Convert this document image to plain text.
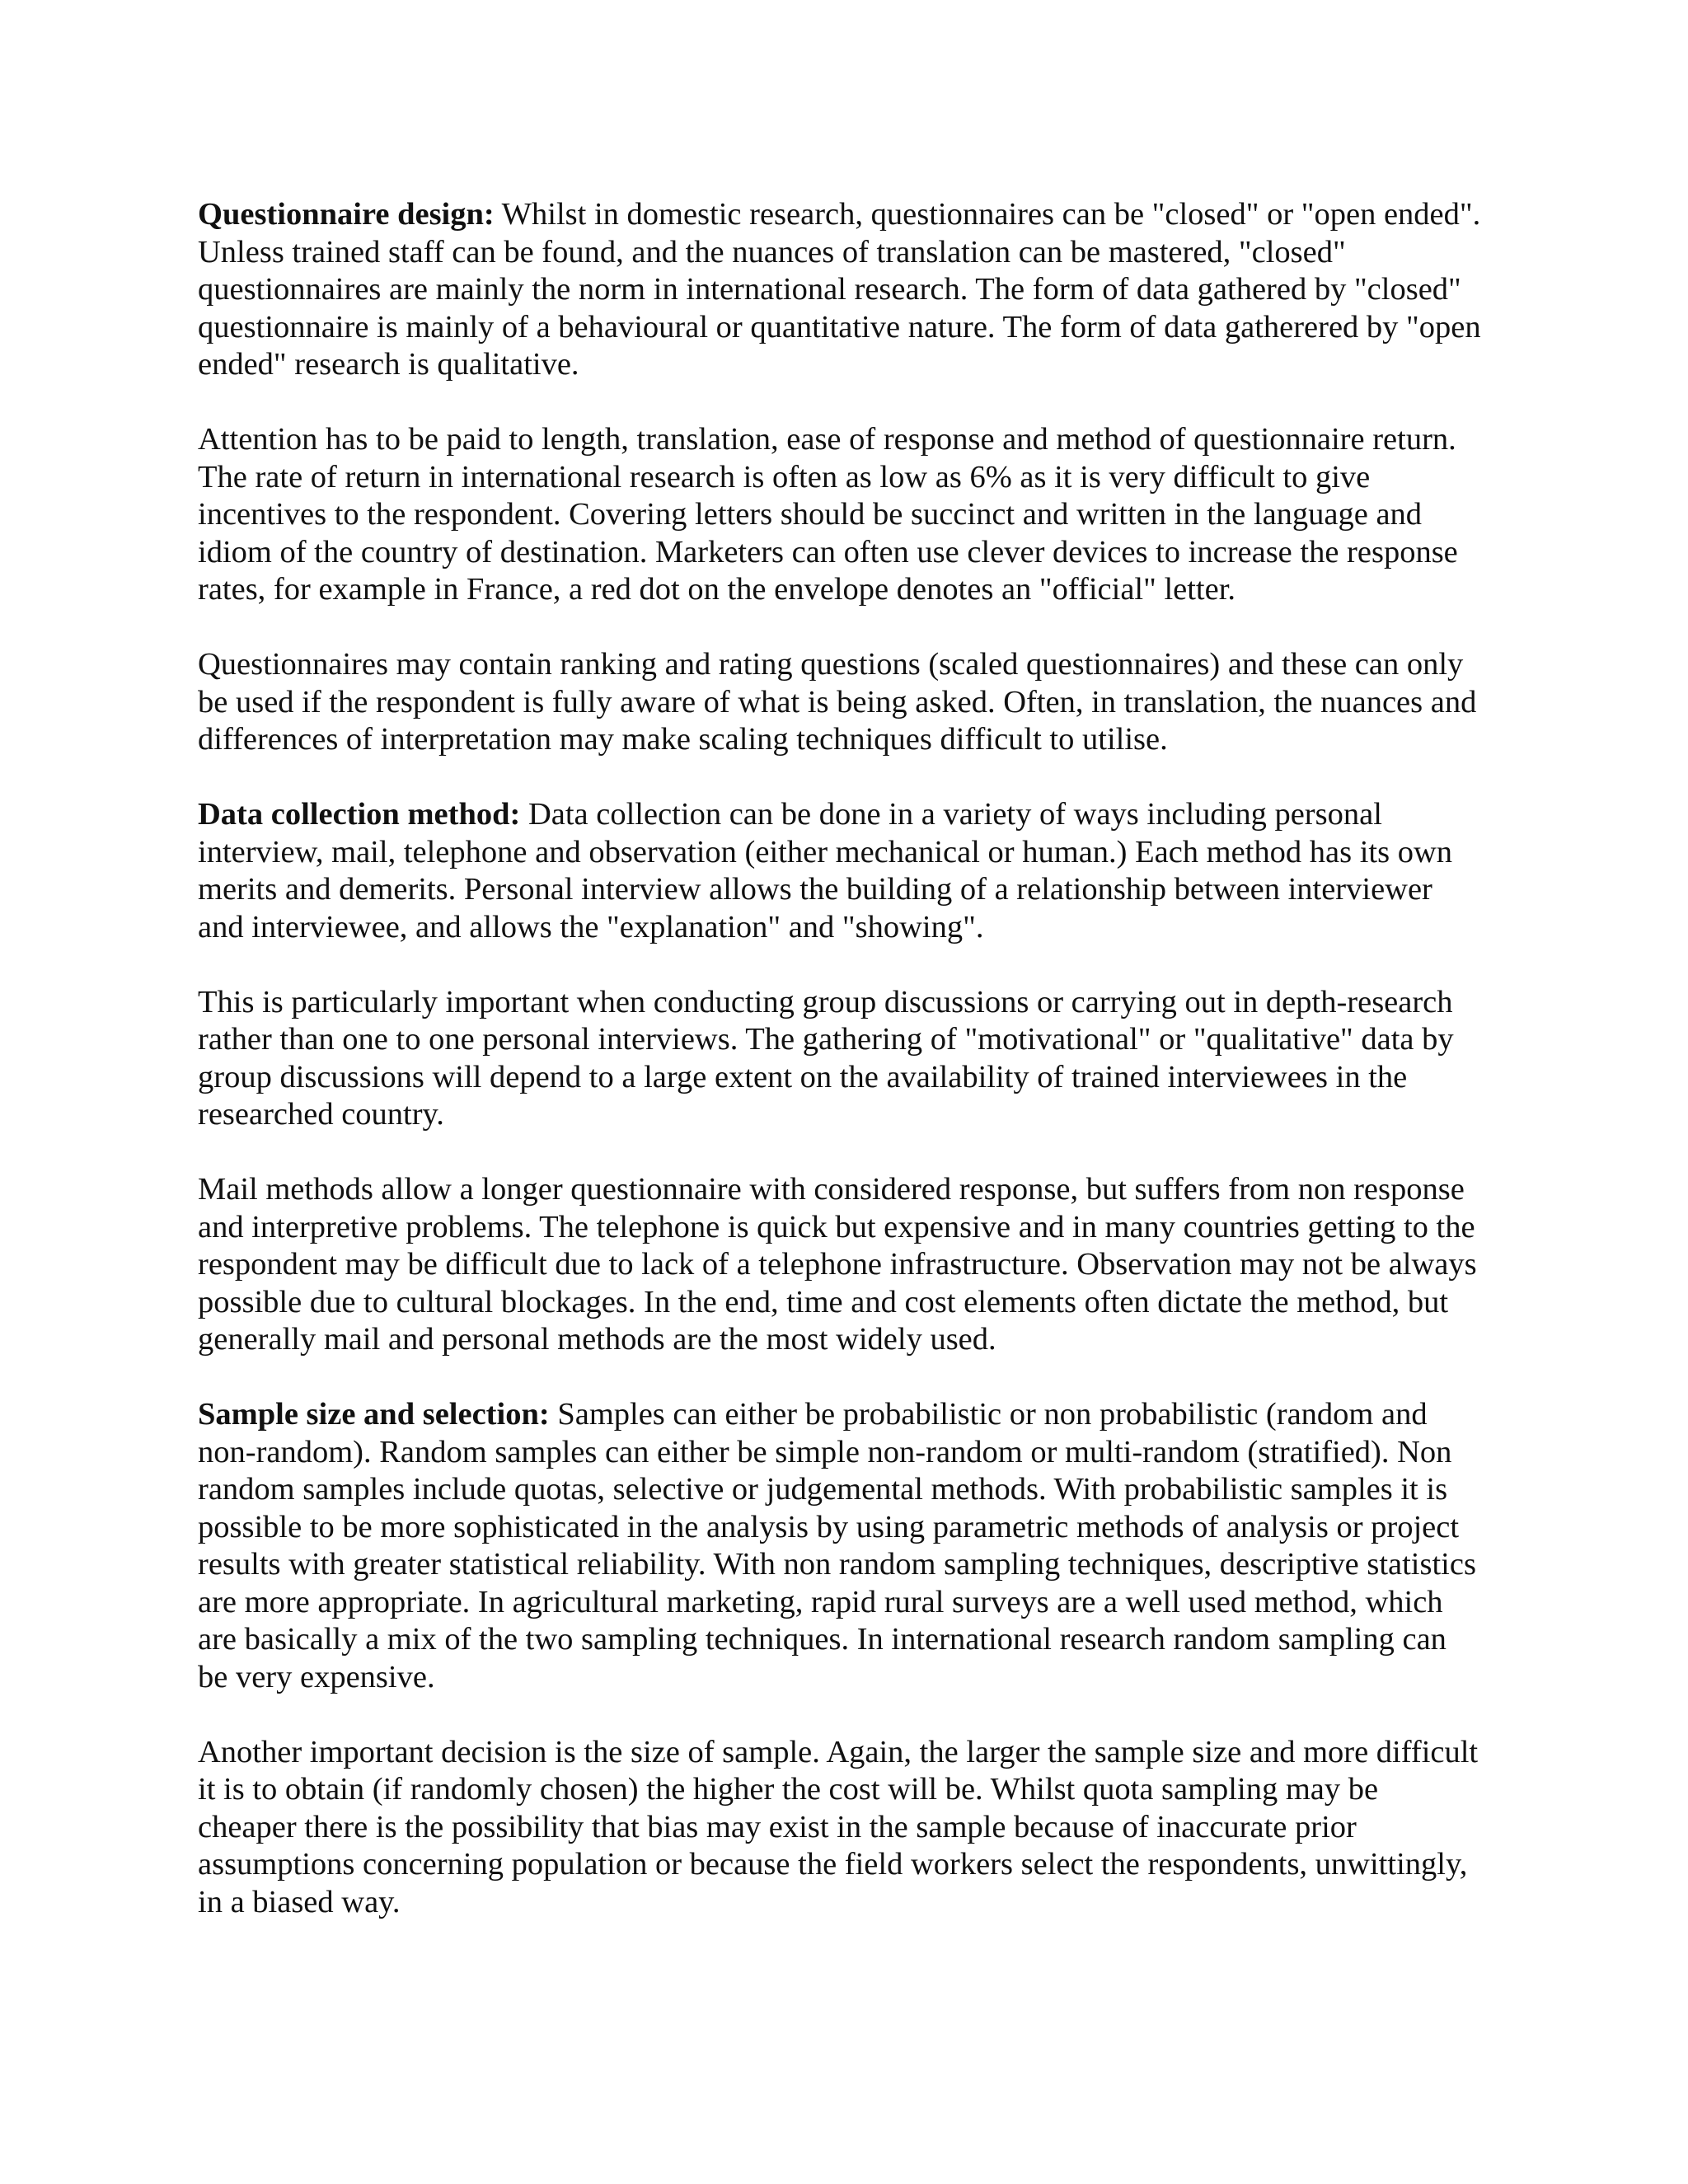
Questionnaire design: Whilst in domestic research, questionnaires can be "closed" or "open ended". Unless trained staff can be found, and the nuances of translation can be mastered, "closed" questionnaires are mainly the norm in international research. The form of data gathered by "closed" questionnaire is mainly of a behavioural or quantitative nature. The form of data gatherered by "open ended" research is qualitative.

Attention has to be paid to length, translation, ease of response and method of questionnaire return. The rate of return in international research is often as low as 6% as it is very difficult to give incentives to the respondent. Covering letters should be succinct and written in the language and idiom of the country of destination. Marketers can often use clever devices to increase the response rates, for example in France, a red dot on the envelope denotes an "official" letter.

Questionnaires may contain ranking and rating questions (scaled questionnaires) and these can only be used if the respondent is fully aware of what is being asked. Often, in translation, the nuances and differences of interpretation may make scaling techniques difficult to utilise.

Data collection method: Data collection can be done in a variety of ways including personal interview, mail, telephone and observation (either mechanical or human.) Each method has its own merits and demerits. Personal interview allows the building of a relationship between interviewer and interviewee, and allows the "explanation" and "showing".

This is particularly important when conducting group discussions or carrying out in depth-research rather than one to one personal interviews. The gathering of "motivational" or "qualitative" data by group discussions will depend to a large extent on the availability of trained interviewees in the researched country.

Mail methods allow a longer questionnaire with considered response, but suffers from non response and interpretive problems. The telephone is quick but expensive and in many countries getting to the respondent may be difficult due to lack of a telephone infrastructure. Observation may not be always possible due to cultural blockages. In the end, time and cost elements often dictate the method, but generally mail and personal methods are the most widely used.

Sample size and selection: Samples can either be probabilistic or non probabilistic (random and non-random). Random samples can either be simple non-random or multi-random (stratified). Non random samples include quotas, selective or judgemental methods. With probabilistic samples it is possible to be more sophisticated in the analysis by using parametric methods of analysis or project results with greater statistical reliability. With non random sampling techniques, descriptive statistics are more appropriate. In agricultural marketing, rapid rural surveys are a well used method, which are basically a mix of the two sampling techniques. In international research random sampling can be very expensive.

Another important decision is the size of sample. Again, the larger the sample size and more difficult it is to obtain (if randomly chosen) the higher the cost will be. Whilst quota sampling may be cheaper there is the possibility that bias may exist in the sample because of inaccurate prior assumptions concerning population or because the field workers select the respondents, unwittingly, in a biased way.
